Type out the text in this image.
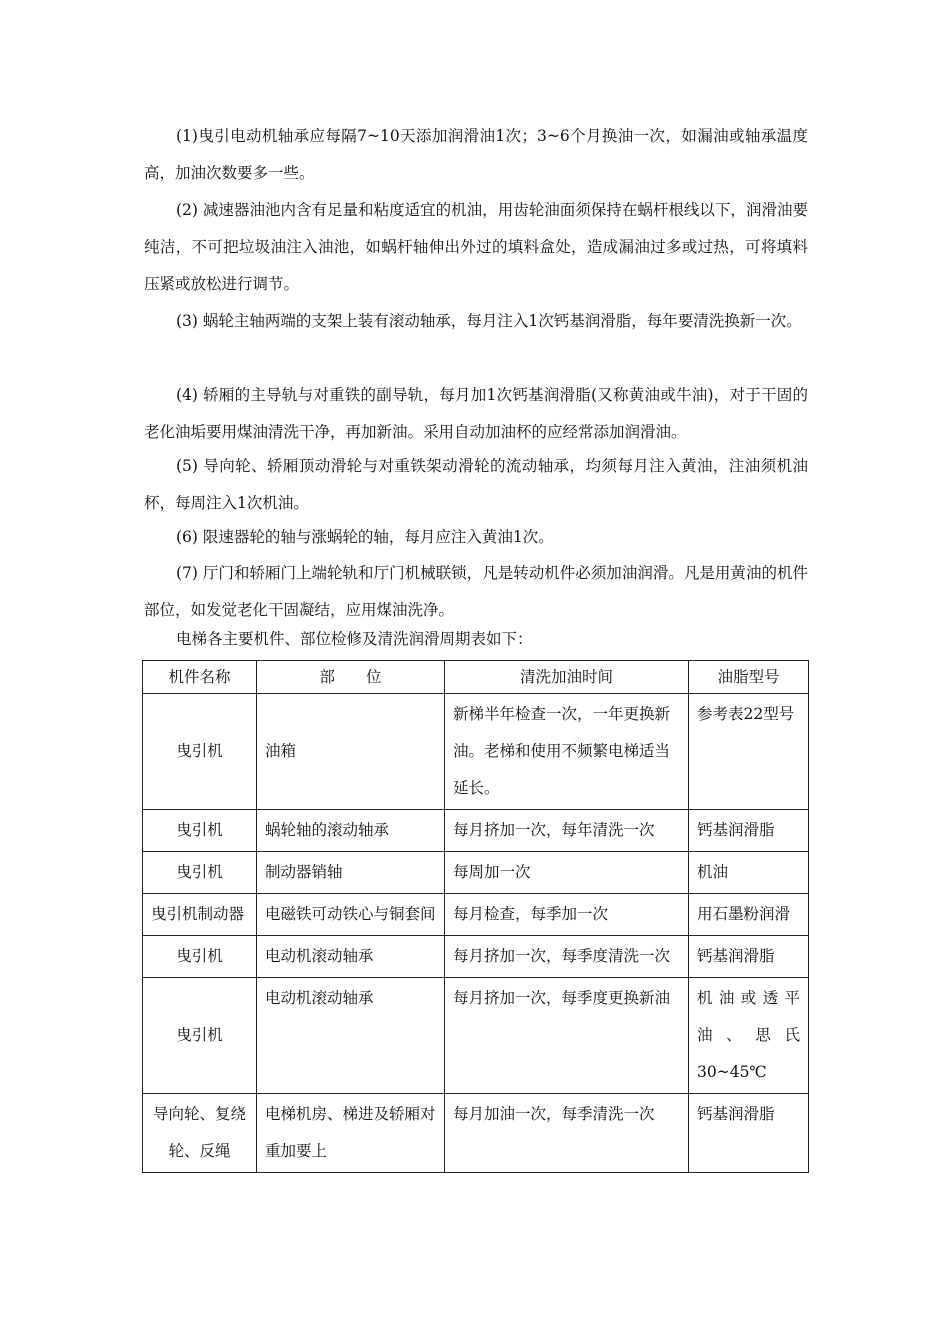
(1)曳引电动机轴承应每隔7~10天添加润滑油1次；3~6个月换油一次，如漏油或轴承温度高，加油次数要多一些。

(2) 减速器油池内含有足量和粘度适宜的机油，用齿轮油面须保持在蜗杆根线以下，润滑油要纯洁，不可把垃圾油注入油池，如蜗杆轴伸出外过的填料盒处，造成漏油过多或过热，可将填料压紧或放松进行调节。

(3) 蜗轮主轴两端的支架上装有滚动轴承，每月注入1次钙基润滑脂，每年要清洗换新一次。

(4) 轿厢的主导轨与对重铁的副导轨，每月加1次钙基润滑脂(又称黄油或牛油)，对于干固的老化油垢要用煤油清洗干净，再加新油。采用自动加油杯的应经常添加润滑油。

(5) 导向轮、轿厢顶动滑轮与对重铁架动滑轮的流动轴承，均须每月注入黄油，注油须机油杯，每周注入1次机油。

(6) 限速器轮的轴与涨蜗轮的轴，每月应注入黄油1次。

(7) 厅门和轿厢门上端轮轨和厅门机械联锁，凡是转动机件必须加油润滑。凡是用黄油的机件部位，如发觉老化干固凝结，应用煤油洗净。

电梯各主要机件、部位检修及清洗润滑周期表如下：

机件名称	部　　位	清洗加油时间	油脂型号
曳引机	油箱	新梯半年检查一次，一年更换新油。老梯和使用不频繁电梯适当延长。	参考表22型号
曳引机	蜗轮轴的滚动轴承	每月挤加一次，每年清洗一次	钙基润滑脂
曳引机	制动器销轴	每周加一次	机油
曳引机制动器	电磁铁可动铁心与铜套间	每月检查，每季加一次	用石墨粉润滑
曳引机	电动机滚动轴承	每月挤加一次，每季度清洗一次	钙基润滑脂
曳引机	电动机滚动轴承	每月挤加一次，每季度更换新油	机油或透平油、思氏30~45℃
导向轮、复绕轮、反绳	电梯机房、梯进及轿厢对重加要上	每月加油一次，每季清洗一次	钙基润滑脂
